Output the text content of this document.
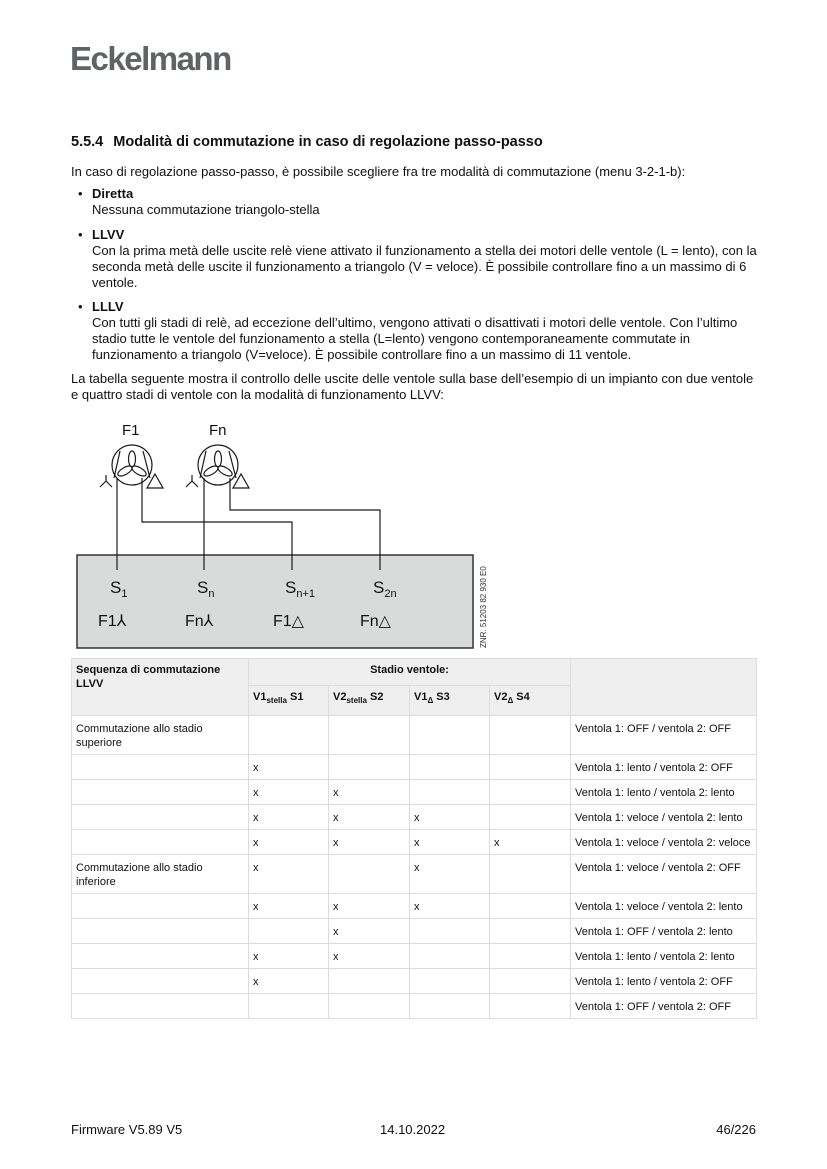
Eckelmann
5.5.4 Modalità di commutazione in caso di regolazione passo-passo
In caso di regolazione passo-passo, è possibile scegliere fra tre modalità di commutazione (menu 3-2-1-b):
• Diretta
Nessuna commutazione triangolo-stella
• LLVV
Con la prima metà delle uscite relè viene attivato il funzionamento a stella dei motori delle ventole (L = lento), con la seconda metà delle uscite il funzionamento a triangolo (V = veloce). È possibile controllare fino a un massimo di 6 ventole.
• LLLV
Con tutti gli stadi di relè, ad eccezione dell’ultimo, vengono attivati o disattivati i motori delle ventole. Con l’ultimo stadio tutte le ventole del funzionamento a stella (L=lento) vengono contemporaneamente commutate in funzionamento a triangolo (V=veloce). È possibile controllare fino a un massimo di 11 ventole.
La tabella seguente mostra il controllo delle uscite delle ventole sulla base dell’esempio di un impianto con due ventole e quattro stadi di ventole con la modalità di funzionamento LLVV:
F1	Fn
$S_1$	$S_n$	$S_{n+1}$	$S_{2n}$
F1⅄	Fn⅄	F1△	Fn△	ZNR. 51203 82 930 E0
Sequenza di commutazione LLVV	Stadio ventole:				
	$V1_{stella}$ S1	$V2_{stella}$ S2	$V1_\Delta$ S3	$V2_\Delta$ S4	
Commutazione allo stadio superiore					Ventola 1: OFF / ventola 2: OFF
	x				Ventola 1: lento / ventola 2: OFF
	x	x			Ventola 1: lento / ventola 2: lento
	x	x	x		Ventola 1: veloce / ventola 2: lento
	x	x	x	x	Ventola 1: veloce / ventola 2: veloce
Commutazione allo stadio inferiore	x		x		Ventola 1: veloce / ventola 2: OFF
	x	x	x		Ventola 1: veloce / ventola 2: lento
		x			Ventola 1: OFF / ventola 2: lento
	x	x			Ventola 1: lento / ventola 2: lento
	x				Ventola 1: lento / ventola 2: OFF
					Ventola 1: OFF / ventola 2: OFF
Firmware V5.89 V5	14.10.2022	46/226
